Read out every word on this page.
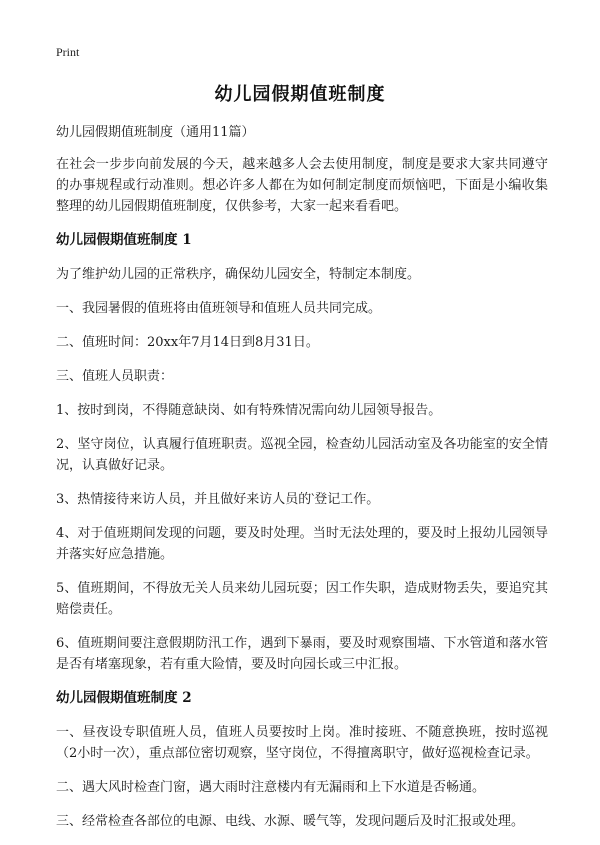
Print
幼儿园假期值班制度

幼儿园假期值班制度（通用11篇）

在社会一步步向前发展的今天，越来越多人会去使用制度，制度是要求大家共同遵守的办事规程或行动准则。想必许多人都在为如何制定制度而烦恼吧，下面是小编收集整理的幼儿园假期值班制度，仅供参考，大家一起来看看吧。

幼儿园假期值班制度 1

为了维护幼儿园的正常秩序，确保幼儿园安全，特制定本制度。

一、我园暑假的值班将由值班领导和值班人员共同完成。

二、值班时间：20xx年7月14日到8月31日。

三、值班人员职责：

1、按时到岗，不得随意缺岗、如有特殊情况需向幼儿园领导报告。

2、坚守岗位，认真履行值班职责。巡视全园，检查幼儿园活动室及各功能室的安全情况，认真做好记录。

3、热情接待来访人员，并且做好来访人员的‵登记工作。

4、对于值班期间发现的问题，要及时处理。当时无法处理的，要及时上报幼儿园领导并落实好应急措施。

5、值班期间，不得放无关人员来幼儿园玩耍；因工作失职，造成财物丢失，要追究其赔偿责任。

6、值班期间要注意假期防汛工作，遇到下暴雨，要及时观察围墙、下水管道和落水管是否有堵塞现象，若有重大险情，要及时向园长或三中汇报。

幼儿园假期值班制度 2

一、昼夜设专职值班人员，值班人员要按时上岗。准时接班、不随意换班，按时巡视（2小时一次），重点部位密切观察，坚守岗位，不得擅离职守，做好巡视检查记录。

二、遇大风时检查门窗，遇大雨时注意楼内有无漏雨和上下水道是否畅通。

三、经常检查各部位的电源、电线、水源、暖气等，发现问题后及时汇报或处理。
